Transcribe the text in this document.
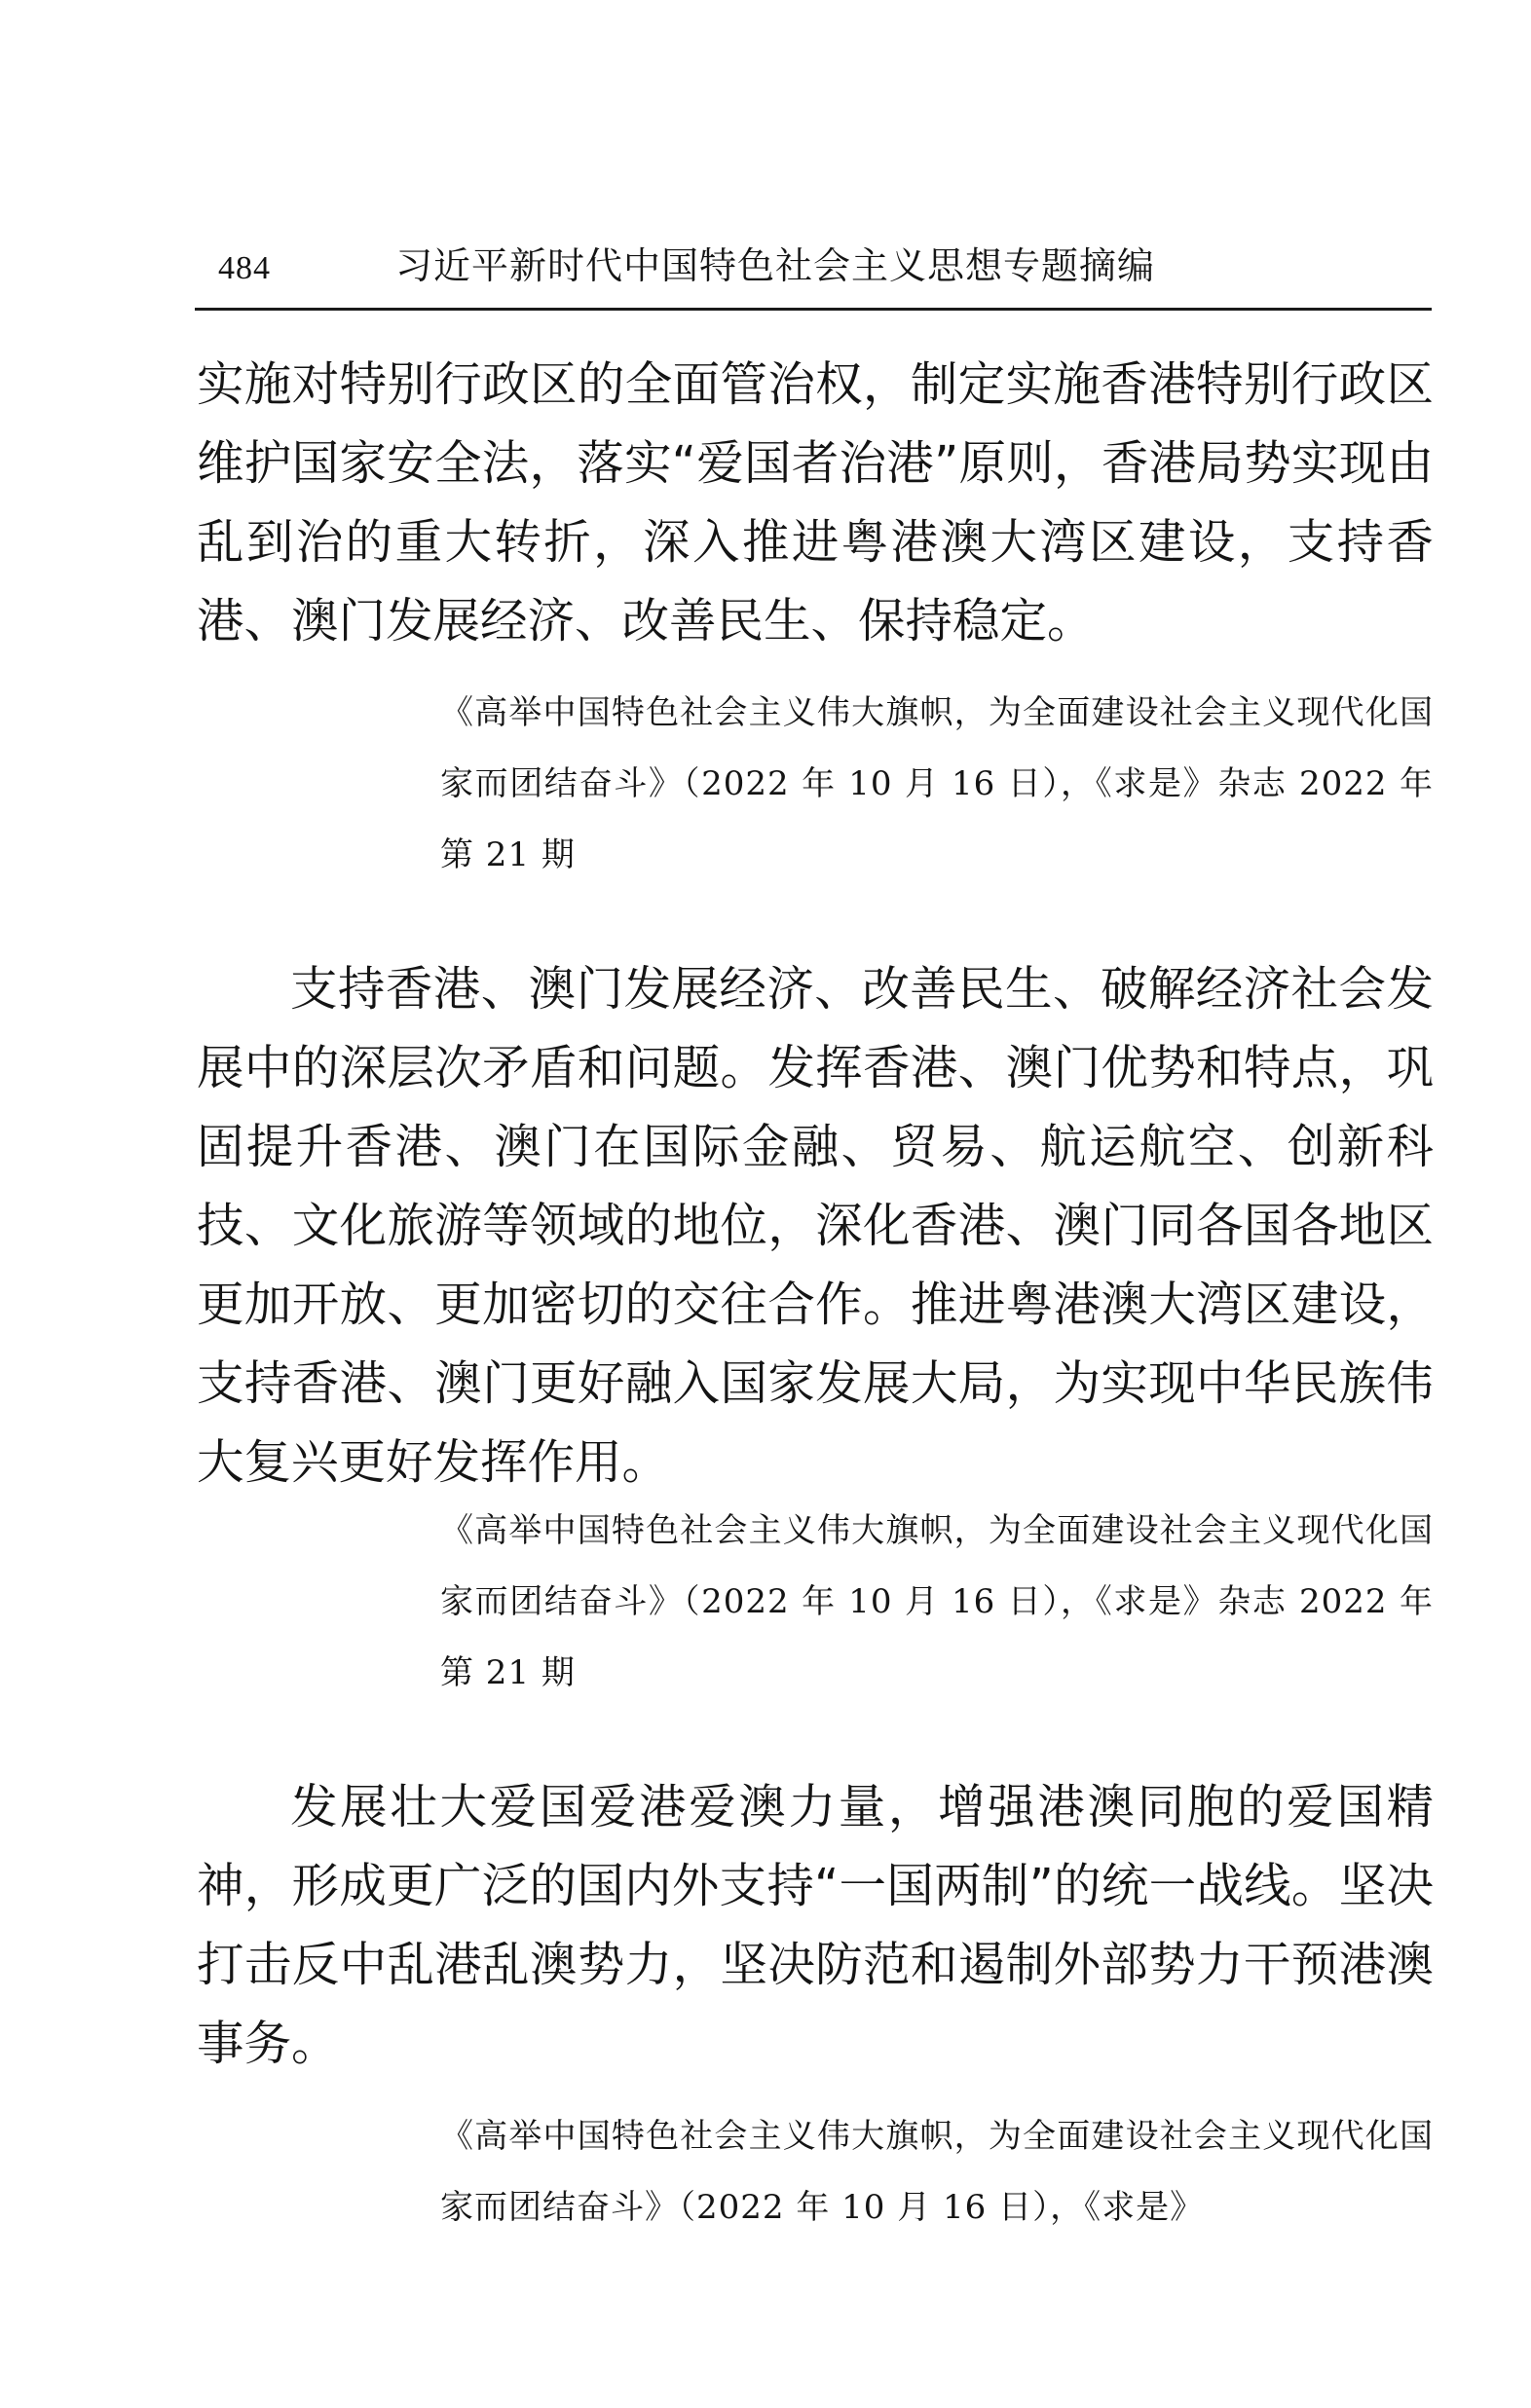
484	习近平新时代中国特色社会主义思想专题摘编

实施对特别行政区的全面管治权，制定实施香港特别行政区维护国家安全法，落实“爱国者治港”原则，香港局势实现由乱到治的重大转折，深入推进粤港澳大湾区建设，支持香港、澳门发展经济、改善民生、保持稳定。

《高举中国特色社会主义伟大旗帜，为全面建设社会主义现代化国家而团结奋斗》（2022 年 10 月 16 日），《求是》杂志 2022 年第 21 期

支持香港、澳门发展经济、改善民生、破解经济社会发展中的深层次矛盾和问题。发挥香港、澳门优势和特点，巩固提升香港、澳门在国际金融、贸易、航运航空、创新科技、文化旅游等领域的地位，深化香港、澳门同各国各地区更加开放、更加密切的交往合作。推进粤港澳大湾区建设，支持香港、澳门更好融入国家发展大局，为实现中华民族伟大复兴更好发挥作用。

《高举中国特色社会主义伟大旗帜，为全面建设社会主义现代化国家而团结奋斗》（2022 年 10 月 16 日），《求是》杂志 2022 年第 21 期

发展壮大爱国爱港爱澳力量，增强港澳同胞的爱国精神，形成更广泛的国内外支持“一国两制”的统一战线。坚决打击反中乱港乱澳势力，坚决防范和遏制外部势力干预港澳事务。

《高举中国特色社会主义伟大旗帜，为全面建设社会主义现代化国家而团结奋斗》（2022 年 10 月 16 日），《求是》
